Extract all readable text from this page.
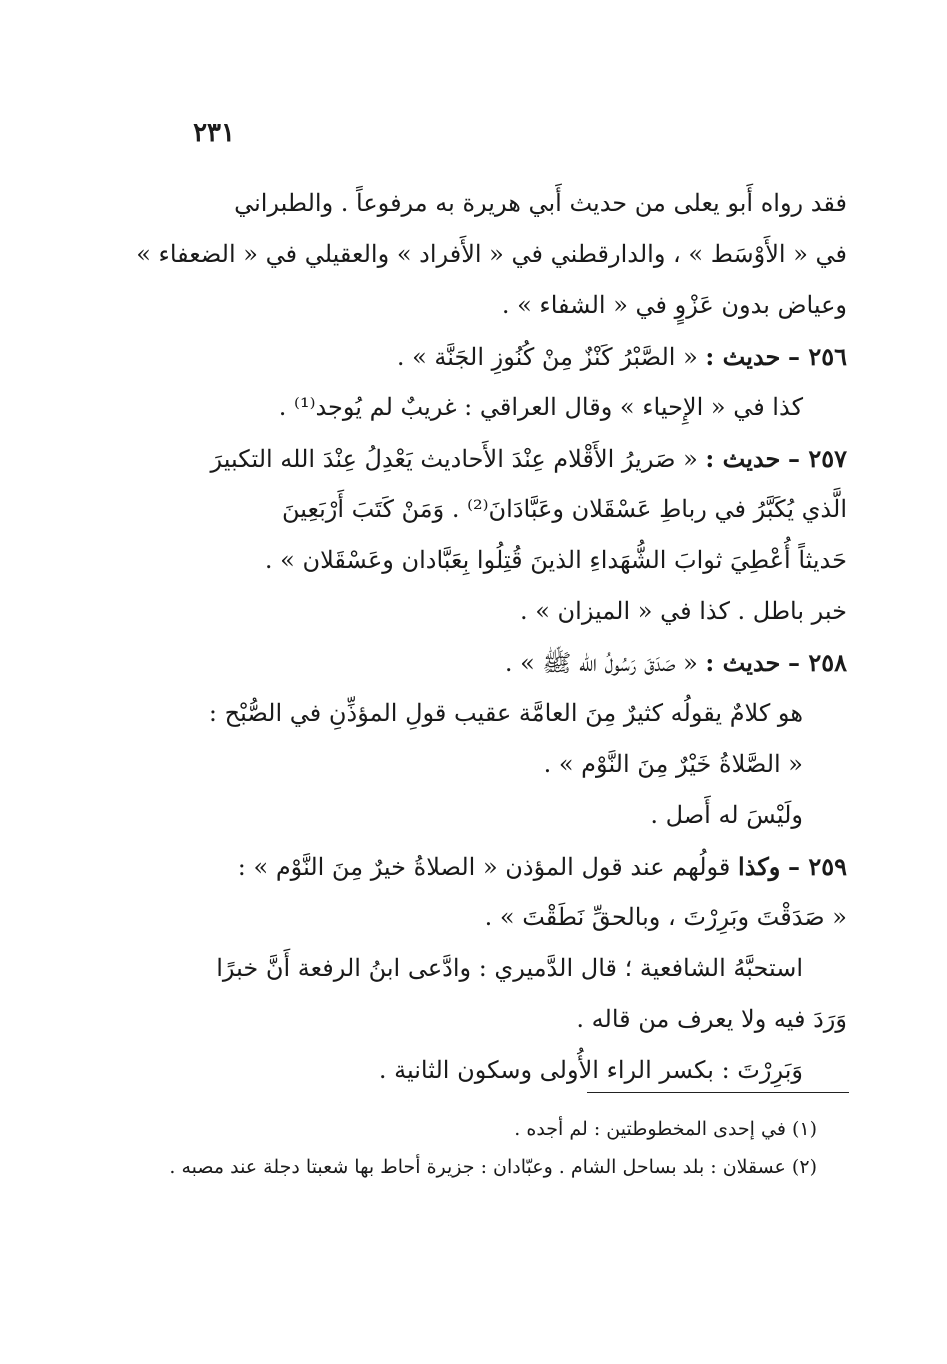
٢٣١
فقد رواه أَبو يعلى من حديث أَبي هريرة به مرفوعاً . والطبراني
في « الأَوْسَط » ، والدارقطني في « الأَفراد » والعقيلي في « الضعفاء »
وعياض بدون عَزْوٍ في « الشفاء » .
٢٥٦ – حديث : « الصَّبْرُ كَنْزٌ مِنْ كُنُوزِ الجَنَّة » .
كذا في « الإِحياء » وقال العراقي : غريبٌ لم يُوجد⁽¹⁾ .
٢٥٧ – حديث : « صَريرُ الأَقْلام عِنْدَ الأَحاديث يَعْدِلُ عِنْدَ الله التكبيرَ
الَّذي يُكَبَّرُ في رباطِ عَسْقَلان وعَبَّادَانَ⁽²⁾ . وَمَنْ كَتَبَ أَرْبَعِينَ
حَديثاً أُعْطِيَ ثوابَ الشُّهَداءِ الذينَ قُتِلُوا بِعَبَّادان وعَسْقَلان » .
خبر باطل . كذا في « الميزان » .
٢٥٨ – حديث : « صَدَقَ رَسُولُ الله ﷺ » .
هو كلامٌ يقولُه كثيرٌ مِنَ العامَّة عقيب قولِ المؤذِّنِ في الصُّبْح :
« الصَّلاةُ خَيْرٌ مِنَ النَّوْم » .
ولَيْسَ له أَصل .
٢٥٩ – وكذا قولُهم عند قول المؤذن « الصلاةُ خيرٌ مِنَ النَّوْم » :
« صَدَقْتَ وبَرِرْتَ ، وبالحقِّ نَطَقْتَ » .
استحبَّهُ الشافعية ؛ قال الدَّميري : وادَّعى ابنُ الرفعة أَنَّ خبرًا
وَرَدَ فيه ولا يعرف من قاله .
وَبَرِرْتَ : بكسر الراء الأُولى وسكون الثانية .
(١) في إحدى المخطوطتين : لم أجده .
(٢) عسقلان : بلد بساحل الشام . وعبّادان : جزيرة أحاط بها شعبتا دجلة عند مصبه .
